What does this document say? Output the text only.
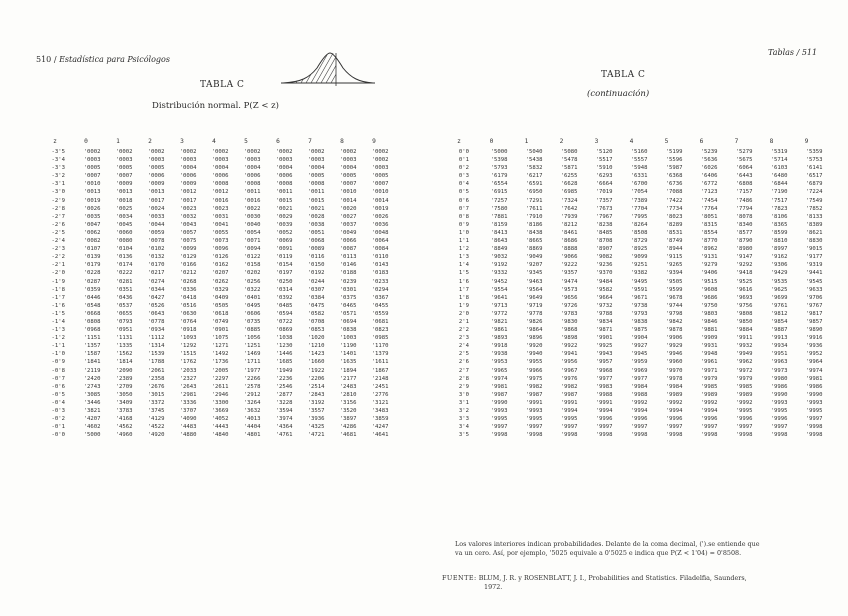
510 / Estadística para Psicólogos
TABLA C
Distribución normal. P(Z < z)
Tablas / 511
TABLA C
(continuación)
z	0	1	2	3	4	5	6	7	8	9
-3'5	'0002	'0002	'0002	'0002	'0002	'0002	'0002	'0002	'0002	'0002
-3'4	'0003	'0003	'0003	'0003	'0003	'0003	'0003	'0003	'0003	'0002
-3'3	'0005	'0005	'0005	'0004	'0004	'0004	'0004	'0004	'0004	'0003
-3'2	'0007	'0007	'0006	'0006	'0006	'0006	'0006	'0005	'0005	'0005
-3'1	'0010	'0009	'0009	'0009	'0008	'0008	'0008	'0008	'0007	'0007
-3'0	'0013	'0013	'0013	'0012	'0012	'0011	'0011	'0011	'0010	'0010
-2'9	'0019	'0018	'0017	'0017	'0016	'0016	'0015	'0015	'0014	'0014
-2'8	'0026	'0025	'0024	'0023	'0023	'0022	'0021	'0021	'0020	'0019
-2'7	'0035	'0034	'0033	'0032	'0031	'0030	'0029	'0028	'0027	'0026
-2'6	'0047	'0045	'0044	'0043	'0041	'0040	'0039	'0038	'0037	'0036
-2'5	'0062	'0060	'0059	'0057	'0055	'0054	'0052	'0051	'0049	'0048
-2'4	'0082	'0080	'0078	'0075	'0073	'0071	'0069	'0068	'0066	'0064
-2'3	'0107	'0104	'0102	'0099	'0096	'0094	'0091	'0089	'0087	'0084
-2'2	'0139	'0136	'0132	'0129	'0126	'0122	'0119	'0116	'0113	'0110
-2'1	'0179	'0174	'0170	'0166	'0162	'0158	'0154	'0150	'0146	'0143
-2'0	'0228	'0222	'0217	'0212	'0207	'0202	'0197	'0192	'0188	'0183
-1'9	'0287	'0281	'0274	'0268	'0262	'0256	'0250	'0244	'0239	'0233
-1'8	'0359	'0351	'0344	'0336	'0329	'0322	'0314	'0307	'0301	'0294
-1'7	'0446	'0436	'0427	'0418	'0409	'0401	'0392	'0384	'0375	'0367
-1'6	'0548	'0537	'0526	'0516	'0505	'0495	'0485	'0475	'0465	'0455
-1'5	'0668	'0655	'0643	'0630	'0618	'0606	'0594	'0582	'0571	'0559
-1'4	'0808	'0793	'0778	'0764	'0749	'0735	'0722	'0708	'0694	'0681
-1'3	'0968	'0951	'0934	'0918	'0901	'0885	'0869	'0853	'0838	'0823
-1'2	'1151	'1131	'1112	'1093	'1075	'1056	'1038	'1020	'1003	'0985
-1'1	'1357	'1335	'1314	'1292	'1271	'1251	'1230	'1210	'1190	'1170
-1'0	'1587	'1562	'1539	'1515	'1492	'1469	'1446	'1423	'1401	'1379
-0'9	'1841	'1814	'1788	'1762	'1736	'1711	'1685	'1660	'1635	'1611
-0'8	'2119	'2090	'2061	'2033	'2005	'1977	'1949	'1922	'1894	'1867
-0'7	'2420	'2389	'2358	'2327	'2297	'2266	'2236	'2206	'2177	'2148
-0'6	'2743	'2709	'2676	'2643	'2611	'2578	'2546	'2514	'2483	'2451
-0'5	'3085	'3050	'3015	'2981	'2946	'2912	'2877	'2843	'2810	'2776
-0'4	'3446	'3409	'3372	'3336	'3300	'3264	'3228	'3192	'3156	'3121
-0'3	'3821	'3783	'3745	'3707	'3669	'3632	'3594	'3557	'3520	'3483
-0'2	'4207	'4168	'4129	'4090	'4052	'4013	'3974	'3936	'3897	'3859
-0'1	'4602	'4562	'4522	'4483	'4443	'4404	'4364	'4325	'4286	'4247
-0'0	'5000	'4960	'4920	'4880	'4840	'4801	'4761	'4721	'4681	'4641
z	0	1	2	3	4	5	6	7	8	9
0'0	'5000	'5040	'5080	'5120	'5160	'5199	'5239	'5279	'5319	'5359
0'1	'5398	'5438	'5478	'5517	'5557	'5596	'5636	'5675	'5714	'5753
0'2	'5793	'5832	'5871	'5910	'5948	'5987	'6026	'6064	'6103	'6141
0'3	'6179	'6217	'6255	'6293	'6331	'6368	'6406	'6443	'6480	'6517
0'4	'6554	'6591	'6628	'6664	'6700	'6736	'6772	'6808	'6844	'6879
0'5	'6915	'6950	'6985	'7019	'7054	'7088	'7123	'7157	'7190	'7224
0'6	'7257	'7291	'7324	'7357	'7389	'7422	'7454	'7486	'7517	'7549
0'7	'7580	'7611	'7642	'7673	'7704	'7734	'7764	'7794	'7823	'7852
0'8	'7881	'7910	'7939	'7967	'7995	'8023	'8051	'8078	'8106	'8133
0'9	'8159	'8186	'8212	'8238	'8264	'8289	'8315	'8340	'8365	'8389
1'0	'8413	'8438	'8461	'8485	'8508	'8531	'8554	'8577	'8599	'8621
1'1	'8643	'8665	'8686	'8708	'8729	'8749	'8770	'8790	'8810	'8830
1'2	'8849	'8869	'8888	'8907	'8925	'8944	'8962	'8980	'8997	'9015
1'3	'9032	'9049	'9066	'9082	'9099	'9115	'9131	'9147	'9162	'9177
1'4	'9192	'9207	'9222	'9236	'9251	'9265	'9279	'9292	'9306	'9319
1'5	'9332	'9345	'9357	'9370	'9382	'9394	'9406	'9418	'9429	'9441
1'6	'9452	'9463	'9474	'9484	'9495	'9505	'9515	'9525	'9535	'9545
1'7	'9554	'9564	'9573	'9582	'9591	'9599	'9608	'9616	'9625	'9633
1'8	'9641	'9649	'9656	'9664	'9671	'9678	'9686	'9693	'9699	'9706
1'9	'9713	'9719	'9726	'9732	'9738	'9744	'9750	'9756	'9761	'9767
2'0	'9772	'9778	'9783	'9788	'9793	'9798	'9803	'9808	'9812	'9817
2'1	'9821	'9826	'9830	'9834	'9838	'9842	'9846	'9850	'9854	'9857
2'2	'9861	'9864	'9868	'9871	'9875	'9878	'9881	'9884	'9887	'9890
2'3	'9893	'9896	'9898	'9901	'9904	'9906	'9909	'9911	'9913	'9916
2'4	'9918	'9920	'9922	'9925	'9927	'9929	'9931	'9932	'9934	'9936
2'5	'9938	'9940	'9941	'9943	'9945	'9946	'9948	'9949	'9951	'9952
2'6	'9953	'9955	'9956	'9957	'9959	'9960	'9961	'9962	'9963	'9964
2'7	'9965	'9966	'9967	'9968	'9969	'9970	'9971	'9972	'9973	'9974
2'8	'9974	'9975	'9976	'9977	'9977	'9978	'9979	'9979	'9980	'9981
2'9	'9981	'9982	'9982	'9983	'9984	'9984	'9985	'9985	'9986	'9986
3'0	'9987	'9987	'9987	'9988	'9988	'9989	'9989	'9989	'9990	'9990
3'1	'9990	'9991	'9991	'9991	'9992	'9992	'9992	'9992	'9993	'9993
3'2	'9993	'9993	'9994	'9994	'9994	'9994	'9994	'9995	'9995	'9995
3'3	'9995	'9995	'9995	'9996	'9996	'9996	'9996	'9996	'9996	'9997
3'4	'9997	'9997	'9997	'9997	'9997	'9997	'9997	'9997	'9997	'9998
3'5	'9998	'9998	'9998	'9998	'9998	'9998	'9998	'9998	'9998	'9998
Los valores interiores indican probabilidades. Delante de la coma decimal, (').se entiende que
va un cero. Así, por ejemplo, '5025 equivale a 0'5025 e indica que P(Z < 1'04) = 0'8508.
FUENTE: BLUM, J. R. y ROSENBLATT, J. I., Probabilities and Statistics. Filadelfia, Saunders,
1972.
